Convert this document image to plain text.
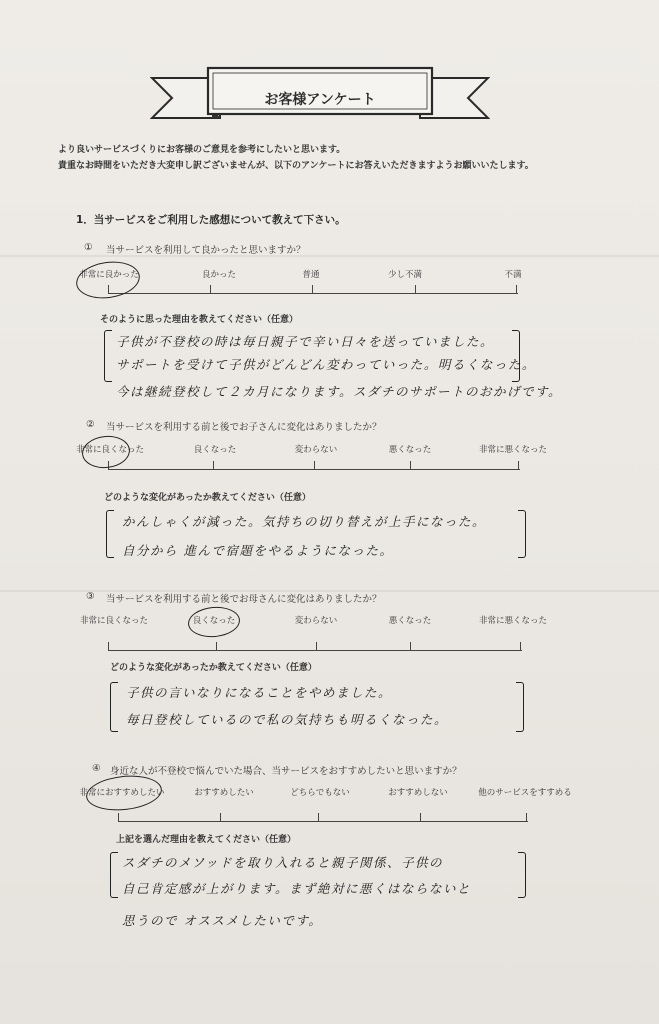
お客様アンケート
より良いサービスづくりにお客様のご意見を参考にしたいと思います。
貴重なお時間をいただき大変申し訳ございませんが、以下のアンケートにお答えいただきますようお願いいたします。
1．当サービスをご利用した感想について教えて下さい。
① 当サービスを利用して良かったと思いますか？
非常に良かった	良かった	普通	少し不満	不満
そのように思った理由を教えてください（任意）
子供が不登校の時は毎日親子で辛い日々を送っていました。
サポートを受けて子供がどんどん変わっていった。明るくなった。
今は継続登校して２カ月になります。スダチのサポートのおかげです。
② 当サービスを利用する前と後でお子さんに変化はありましたか？
非常に良くなった	良くなった	変わらない	悪くなった	非常に悪くなった
どのような変化があったか教えてください（任意）
かんしゃくが減った。気持ちの切り替えが上手になった。
自分から 進んで宿題をやるようになった。
③ 当サービスを利用する前と後でお母さんに変化はありましたか？
非常に良くなった	良くなった	変わらない	悪くなった	非常に悪くなった
どのような変化があったか教えてください（任意）
子供の言いなりになることをやめました。
毎日登校しているので私の気持ちも明るくなった。
④ 身近な人が不登校で悩んでいた場合、当サービスをおすすめしたいと思いますか？
非常におすすめしたい	おすすめしたい	どちらでもない	おすすめしない	他のサービスをすすめる
上記を選んだ理由を教えてください（任意）
スダチのメソッドを取り入れると親子関係、子供の
自己肯定感が上がります。まず絶対に悪くはならないと
思うので オススメしたいです。
